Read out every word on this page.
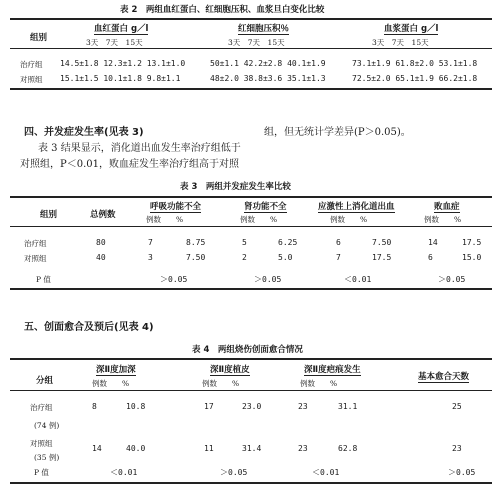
表 2　两组血红蛋白、红细胞压积、血浆旦白变化比较
组别
血红蛋白 g／l
3天　7天　15天
红细胞压积％
3天　7天　15天
血浆蛋白 g／l
3天　7天　15天
治疗组 14.5±1.8 12.3±1.2 13.1±1.0	50±1.1 42.2±2.8 40.1±1.9	73.1±1.9 61.8±2.0 53.1±1.8
对照组 15.1±1.5 10.1±1.8 9.8±1.1	48±2.0 38.8±3.6 35.1±1.3	72.5±2.0 65.1±1.9 66.2±1.8
四、并发症发生率(见表 3)
表 3 结果显示，消化道出血发生率治疗组低于
对照组，P＜0.01，败血症发生率治疗组高于对照
组，但无统计学差异(P＞0.05)。
表 3　两组并发症发生率比较
组别	总例数
呼吸功能不全
例数　　%
肾功能不全
例数　　%
应激性上消化道出血
例数　　%
败血症
例数　　%
治疗组	80	7	8.75	5	6.25	6	7.50	14	17.5
对照组	40	3	7.50	2	5.0	7	17.5	6	15.0
P 值	＞0.05	＞0.05	＜0.01	＞0.05
五、创面愈合及预后(见表 4)
表 4　两组烧伤创面愈合情况
分组
深Ⅱ度加深
例数　　%
深Ⅱ度植皮
例数　　%
深Ⅱ度疤痕发生
例数　　%
基本愈合天数
治疗组
(74 例)
8	10.8	17	23.0	23	31.1	25
对照组
(35 例)
14	40.0	11	31.4	23	62.8	23
P 值	＜0.01	＞0.05	＜0.01	＞0.05
